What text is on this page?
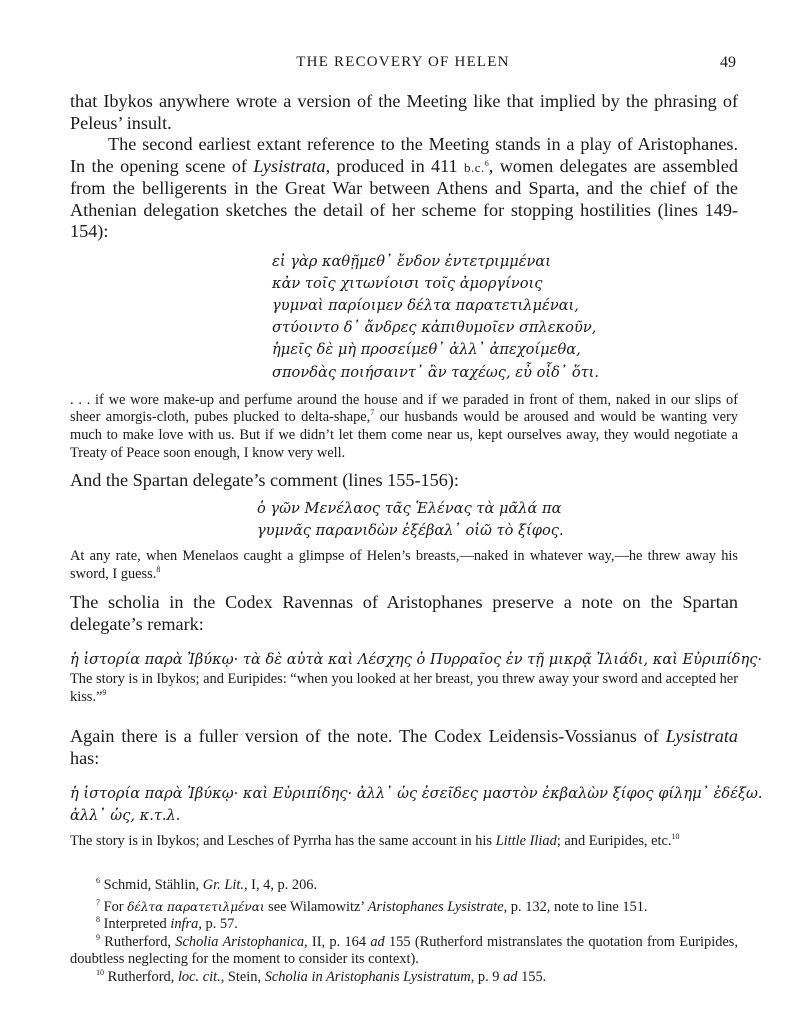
THE RECOVERY OF HELEN	49

that Ibykos anywhere wrote a version of the Meeting like that implied by the phrasing of Peleus’ insult.

The second earliest extant reference to the Meeting stands in a play of Aristophanes. In the opening scene of Lysistrata, produced in 411 b.c.$^6$, women delegates are assembled from the belligerents in the Great War between Athens and Sparta, and the chief of the Athenian delegation sketches the detail of her scheme for stopping hostilities (lines 149-154):

εἰ γὰρ καθῇμεθ᾽ ἔνδον ἐντετριμμέναι
κἀν τοῖς χιτωνίοισι τοῖς ἀμοργίνοις
γυμναὶ παρίοιμεν δέλτα παρατετιλμέναι,
στύοιντο δ᾽ ἄνδρες κἀπιθυμοῖεν σπλεκοῦν,
ἡμεῖς δὲ μὴ προσείμεθ᾽ ἀλλ᾽ ἀπεχοίμεθα,
σπονδὰς ποιήσαιντ᾽ ἂν ταχέως, εὖ οἶδ᾽ ὅτι.

. . . if we wore make-up and perfume around the house and if we paraded in front of them, naked in our slips of sheer amorgis-cloth, pubes plucked to delta-shape,$^7$ our husbands would be aroused and would be wanting very much to make love with us. But if we didn’t let them come near us, kept ourselves away, they would negotiate a Treaty of Peace soon enough, I know very well.

And the Spartan delegate’s comment (lines 155-156):

ὁ γῶν Μενέλαος τᾶς Ἑλένας τὰ μᾶλά πα
γυμνᾶς παρανιδὼν ἐξέβαλ᾽ οἰῶ τὸ ξίφος.

At any rate, when Menelaos caught a glimpse of Helen’s breasts,—naked in whatever way,—he threw away his sword, I guess.$^8$

The scholia in the Codex Ravennas of Aristophanes preserve a note on the Spartan delegate’s remark:

ἡ ἱστορία παρὰ Ἰβύκῳ· τὰ δὲ αὐτὰ καὶ Λέσχης ὁ Πυρραῖος ἐν τῇ μικρᾷ Ἰλιάδι, καὶ Εὐριπίδης·

The story is in Ibykos; and Euripides: “when you looked at her breast, you threw away your sword and accepted her kiss.”$^9$

Again there is a fuller version of the note. The Codex Leidensis-Vossianus of Lysistrata has:

ἡ ἱστορία παρὰ Ἰβύκῳ· καὶ Εὐριπίδης· ἀλλ᾽ ὡς ἐσεῖδες μαστὸν ἐκβαλὼν ξίφος φίλημ᾽ ἐδέξω.
ἀλλ᾽ ὡς, κ.τ.λ.

The story is in Ibykos; and Lesches of Pyrrha has the same account in his Little Iliad; and Euripides, etc.$^{10}$

$^6$ Schmid, Stählin, Gr. Lit., I, 4, p. 206.

$^7$ For δέλτα παρατετιλμέναι see Wilamowitz’ Aristophanes Lysistrate, p. 132, note to line 151.

$^8$ Interpreted infra, p. 57.

$^9$ Rutherford, Scholia Aristophanica, II, p. 164 ad 155 (Rutherford mistranslates the quotation from Euripides, doubtless neglecting for the moment to consider its context).

$^{10}$ Rutherford, loc. cit., Stein, Scholia in Aristophanis Lysistratum, p. 9 ad 155.
